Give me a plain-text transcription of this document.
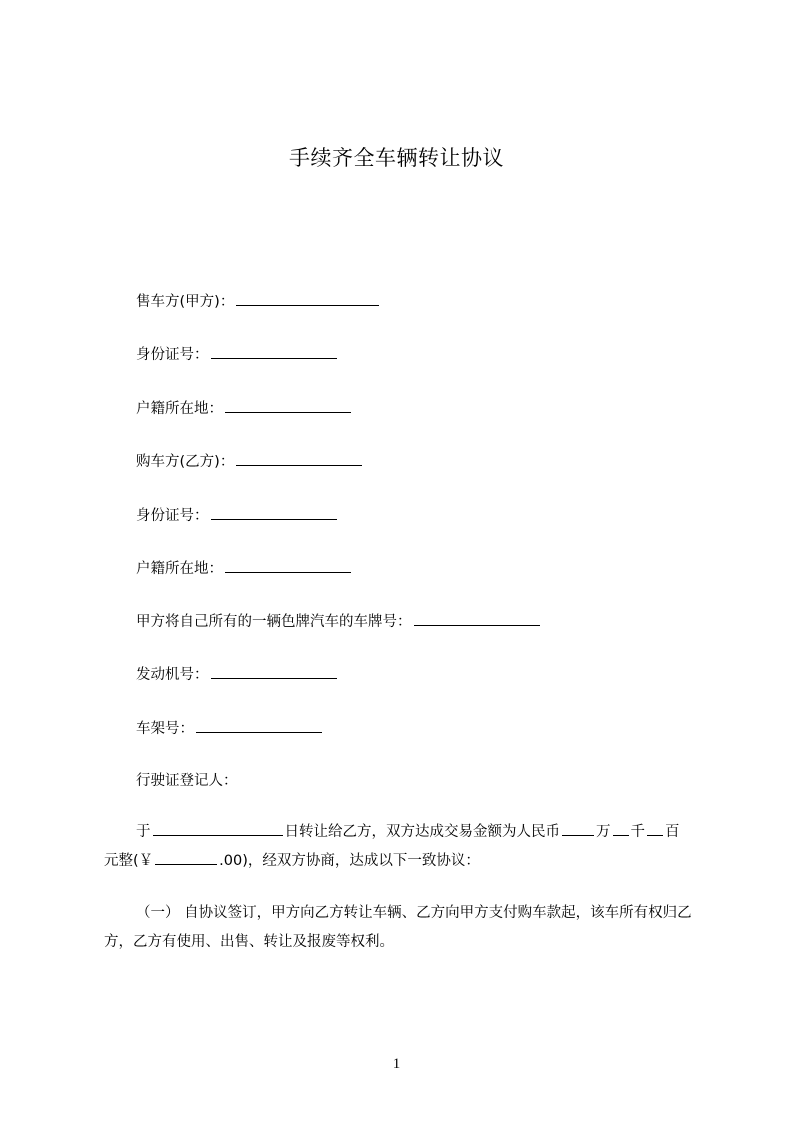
手续齐全车辆转让协议
售车方(甲方)：
身份证号：
户籍所在地：
购车方(乙方)：
身份证号：
户籍所在地：
甲方将自己所有的一辆色牌汽车的车牌号：
发动机号：
车架号：
行驶证登记人：
于	日转让给乙方，双方达成交易金额为人民币 万 千 百
元整(￥	.00)，经双方协商，达成以下一致协议：
（一） 自协议签订，甲方向乙方转让车辆、乙方向甲方支付购车款起，该车所有权归乙方，乙方有使用、出售、转让及报废等权利。
1
